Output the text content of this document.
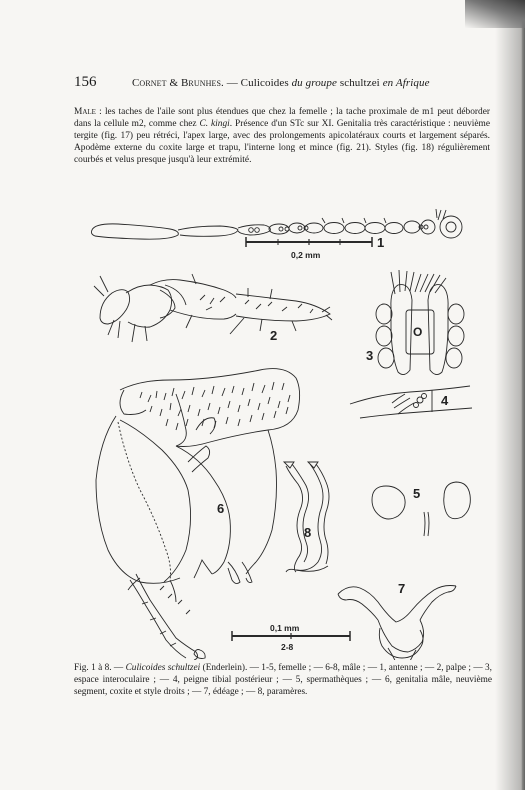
156	Cornet & Brunhes. — Culicoides du groupe schultzei en Afrique
Male : les taches de l'aile sont plus étendues que chez la femelle ; la tache proximale de m1 peut déborder dans la cellule m2, comme chez C. kingi. Présence d'un STc sur XI. Genitalia très caractéristique : neuvième tergite (fig. 17) peu rétréci, l'apex large, avec des prolongements apicolatéraux courts et largement séparés. Apodème externe du coxite large et trapu, l'interne long et mince (fig. 21). Styles (fig. 18) régulièrement courbés et velus presque jusqu'à leur extrémité.
0,2 mm
1
2	O
3
4
5
6
8
7
0,1 mm
2-8
Fig. 1 à 8. — Culicoides schultzei (Enderlein). — 1-5, femelle ; — 6-8, mâle ; — 1, antenne ; — 2, palpe ; — 3, espace interoculaire ; — 4, peigne tibial postérieur ; — 5, spermathèques ; — 6, genitalia mâle, neuvième segment, coxite et style droits ; — 7, édéage ; — 8, paramères.
